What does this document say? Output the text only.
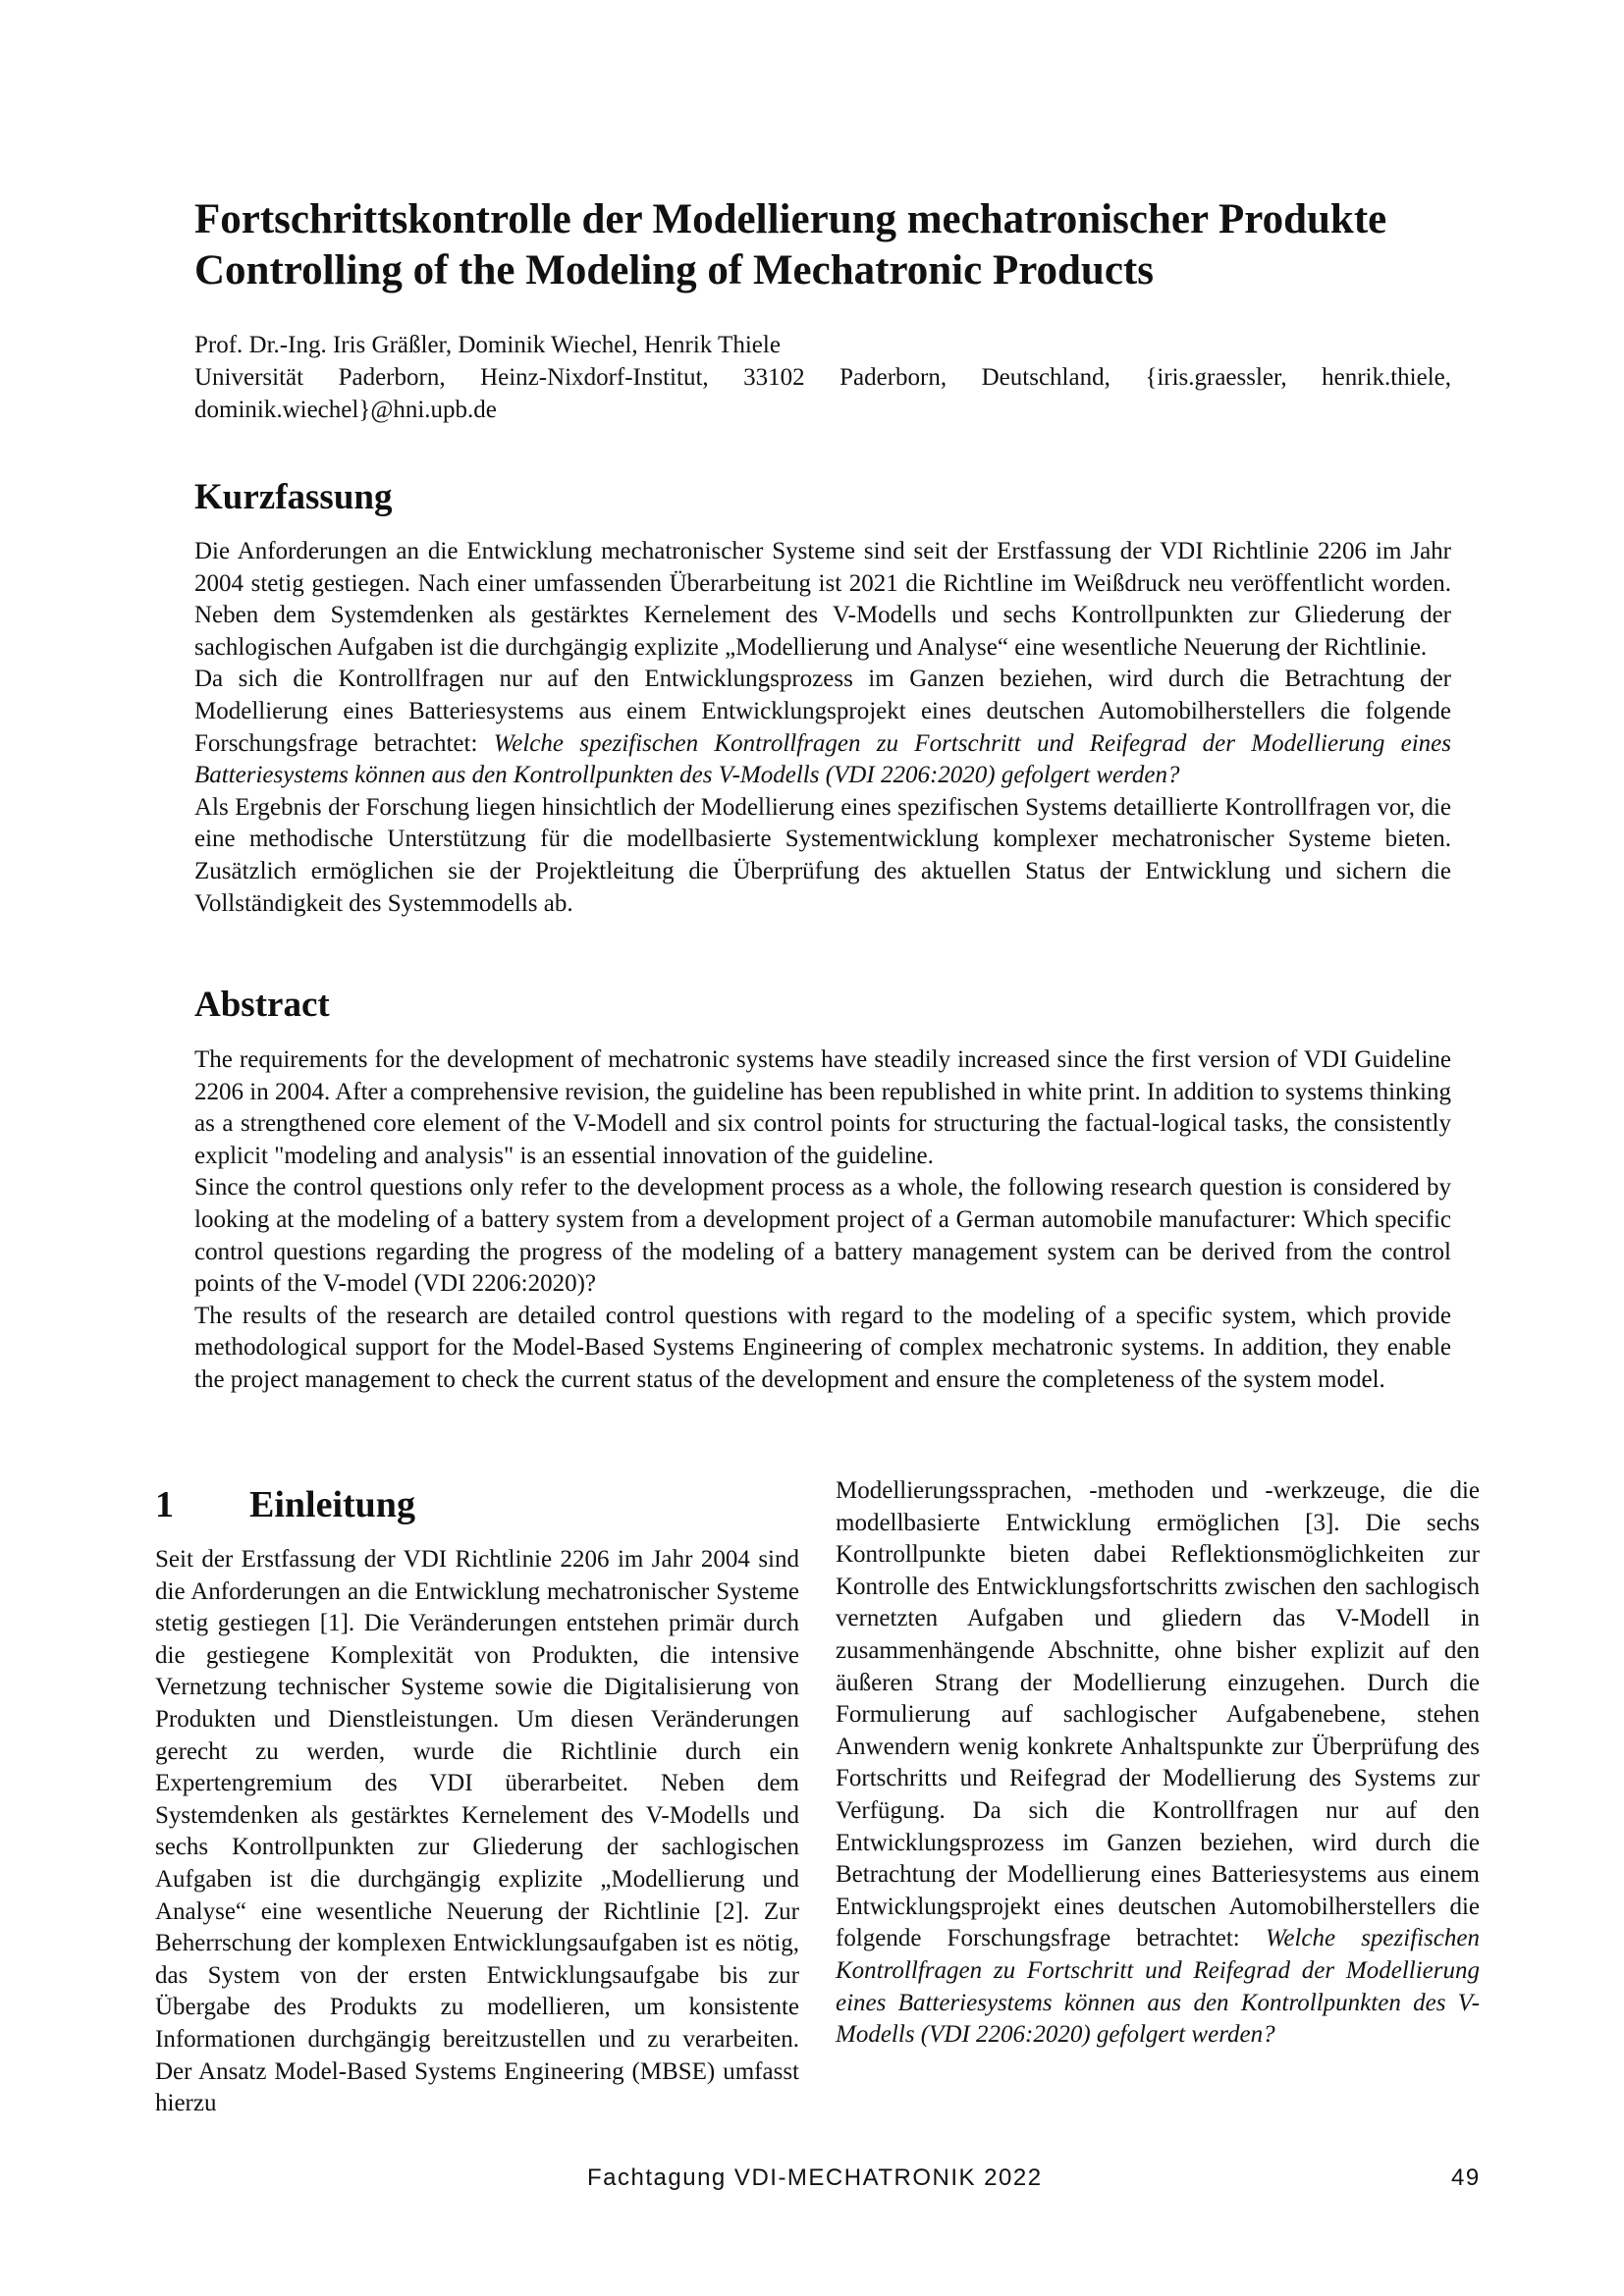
Fortschrittskontrolle der Modellierung mechatronischer Produkte
Controlling of the Modeling of Mechatronic Products
Prof. Dr.-Ing. Iris Gräßler, Dominik Wiechel, Henrik Thiele
Universität Paderborn, Heinz-Nixdorf-Institut, 33102 Paderborn, Deutschland, {iris.graessler, henrik.thiele, dominik.wiechel}@hni.upb.de
Kurzfassung

Die Anforderungen an die Entwicklung mechatronischer Systeme sind seit der Erstfassung der VDI Richtlinie 2206 im Jahr 2004 stetig gestiegen. Nach einer umfassenden Überarbeitung ist 2021 die Richtline im Weißdruck neu veröffentlicht worden. Neben dem Systemdenken als gestärktes Kernelement des V-Modells und sechs Kontrollpunkten zur Gliederung der sachlogischen Aufgaben ist die durchgängig explizite „Modellierung und Analyse“ eine wesentliche Neuerung der Richtlinie.

Da sich die Kontrollfragen nur auf den Entwicklungsprozess im Ganzen beziehen, wird durch die Betrachtung der Modellierung eines Batteriesystems aus einem Entwicklungsprojekt eines deutschen Automobilherstellers die folgende Forschungsfrage betrachtet: Welche spezifischen Kontrollfragen zu Fortschritt und Reifegrad der Modellierung eines Batteriesystems können aus den Kontrollpunkten des V-Modells (VDI 2206:2020) gefolgert werden?

Als Ergebnis der Forschung liegen hinsichtlich der Modellierung eines spezifischen Systems detaillierte Kontrollfragen vor, die eine methodische Unterstützung für die modellbasierte Systementwicklung komplexer mechatronischer Systeme bieten. Zusätzlich ermöglichen sie der Projektleitung die Überprüfung des aktuellen Status der Entwicklung und sichern die Vollständigkeit des Systemmodells ab.

Abstract

The requirements for the development of mechatronic systems have steadily increased since the first version of VDI Guideline 2206 in 2004. After a comprehensive revision, the guideline has been republished in white print. In addition to systems thinking as a strengthened core element of the V-Modell and six control points for structuring the factual-logical tasks, the consistently explicit "modeling and analysis" is an essential innovation of the guideline.

Since the control questions only refer to the development process as a whole, the following research question is considered by looking at the modeling of a battery system from a development project of a German automobile manufacturer: Which specific control questions regarding the progress of the modeling of a battery management system can be derived from the control points of the V-model (VDI 2206:2020)?

The results of the research are detailed control questions with regard to the modeling of a specific system, which provide methodological support for the Model-Based Systems Engineering of complex mechatronic systems. In addition, they enable the project management to check the current status of the development and ensure the completeness of the system model.

1 Einleitung
Seit der Erstfassung der VDI Richtlinie 2206 im Jahr 2004 sind die Anforderungen an die Entwicklung mechatronischer Systeme stetig gestiegen [1]. Die Veränderungen entstehen primär durch die gestiegene Komplexität von Produkten, die intensive Vernetzung technischer Systeme sowie die Digitalisierung von Produkten und Dienstleistungen. Um diesen Veränderungen gerecht zu werden, wurde die Richtlinie durch ein Expertengremium des VDI überarbeitet. Neben dem Systemdenken als gestärktes Kernelement des V-Modells und sechs Kontrollpunkten zur Gliederung der sachlogischen Aufgaben ist die durchgängig explizite „Modellierung und Analyse“ eine wesentliche Neuerung der Richtlinie [2]. Zur Beherrschung der komplexen Entwicklungsaufgaben ist es nötig, das System von der ersten Entwicklungsaufgabe bis zur Übergabe des Produkts zu modellieren, um konsistente Informationen durchgängig bereitzustellen und zu verarbeiten. Der Ansatz Model-Based Systems Engineering (MBSE) umfasst hierzu
Modellierungssprachen, -methoden und -werkzeuge, die die modellbasierte Entwicklung ermöglichen [3]. Die sechs Kontrollpunkte bieten dabei Reflektionsmöglichkeiten zur Kontrolle des Entwicklungsfortschritts zwischen den sachlogisch vernetzten Aufgaben und gliedern das V-Modell in zusammenhängende Abschnitte, ohne bisher explizit auf den äußeren Strang der Modellierung einzugehen. Durch die Formulierung auf sachlogischer Aufgabenebene, stehen Anwendern wenig konkrete Anhaltspunkte zur Überprüfung des Fortschritts und Reifegrad der Modellierung des Systems zur Verfügung. Da sich die Kontrollfragen nur auf den Entwicklungsprozess im Ganzen beziehen, wird durch die Betrachtung der Modellierung eines Batteriesystems aus einem Entwicklungsprojekt eines deutschen Automobilherstellers die folgende Forschungsfrage betrachtet: Welche spezifischen Kontrollfragen zu Fortschritt und Reifegrad der Modellierung eines Batteriesystems können aus den Kontrollpunkten des V-Modells (VDI 2206:2020) gefolgert werden?
Fachtagung VDI-MECHATRONIK 2022	49
